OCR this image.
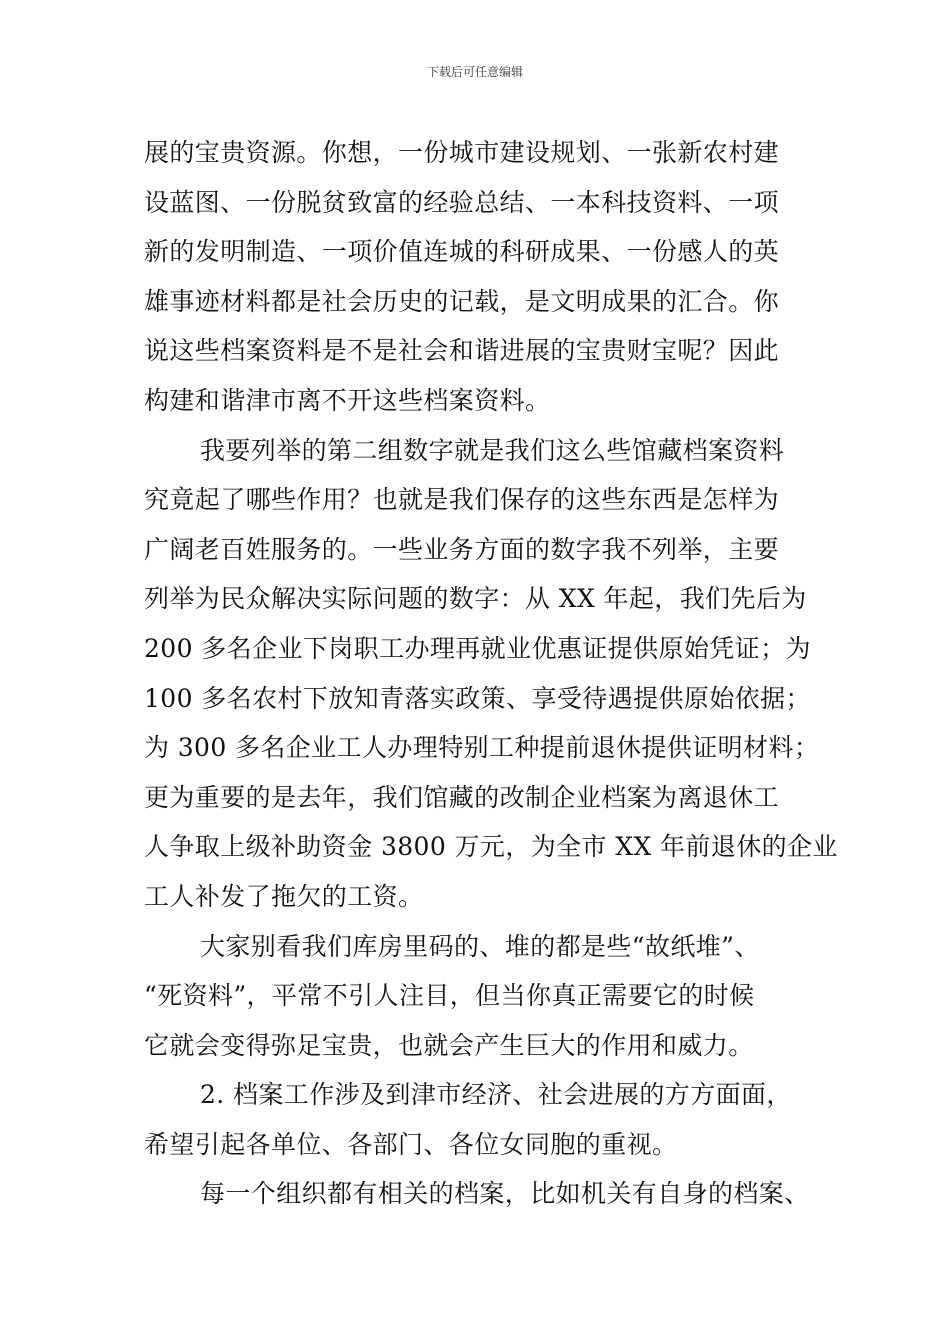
下载后可任意编辑
展的宝贵资源。你想，一份城市建设规划、一张新农村建
设蓝图、一份脱贫致富的经验总结、一本科技资料、一项
新的发明制造、一项价值连城的科研成果、一份感人的英
雄事迹材料都是社会历史的记载，是文明成果的汇合。你
说这些档案资料是不是社会和谐进展的宝贵财宝呢？因此
构建和谐津市离不开这些档案资料。
我要列举的第二组数字就是我们这么些馆藏档案资料
究竟起了哪些作用？也就是我们保存的这些东西是怎样为
广阔老百姓服务的。一些业务方面的数字我不列举，主要
列举为民众解决实际问题的数字：从 XX 年起，我们先后为
200 多名企业下岗职工办理再就业优惠证提供原始凭证；为
100 多名农村下放知青落实政策、享受待遇提供原始依据；
为 300 多名企业工人办理特别工种提前退休提供证明材料；
更为重要的是去年，我们馆藏的改制企业档案为离退休工
人争取上级补助资金 3800 万元，为全市 XX 年前退休的企业
工人补发了拖欠的工资。
大家别看我们库房里码的、堆的都是些“故纸堆”、
“死资料”，平常不引人注目，但当你真正需要它的时候
它就会变得弥足宝贵，也就会产生巨大的作用和威力。
2. 档案工作涉及到津市经济、社会进展的方方面面，
希望引起各单位、各部门、各位女同胞的重视。
每一个组织都有相关的档案，比如机关有自身的档案、
